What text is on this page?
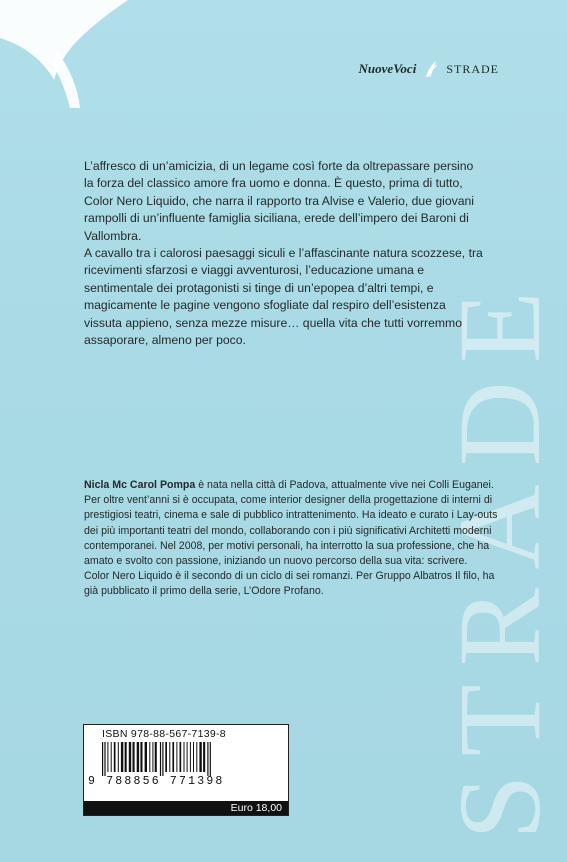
STRADE
NuoveVoci	STRADE

L’affresco di un’amicizia, di un legame così forte da oltrepassare persino la forza del classico amore fra uomo e donna. È questo, prima di tutto, Color Nero Liquido, che narra il rapporto tra Alvise e Valerio, due giovani rampolli di un’influente famiglia siciliana, erede dell’impero dei Baroni di Vallombra.

A cavallo tra i calorosi paesaggi siculi e l’affascinante natura scozzese, tra ricevimenti sfarzosi e viaggi avventurosi, l’educazione umana e sentimentale dei protagonisti si tinge di un’epopea d’altri tempi, e magicamente le pagine vengono sfogliate dal respiro dell’esistenza vissuta appieno, senza mezze misure… quella vita che tutti vorremmo assaporare, almeno per poco.

Nicla Mc Carol Pompa è nata nella città di Padova, attualmente vive nei Colli Euganei. Per oltre vent’anni si è occupata, come interior designer della progettazione di interni di prestigiosi teatri, cinema e sale di pubblico intrattenimento. Ha ideato e curato i Lay-outs dei più importanti teatri del mondo, collaborando con i più significativi Architetti moderni contemporanei. Nel 2008, per motivi personali, ha interrotto la sua professione, che ha amato e svolto con passione, iniziando un nuovo percorso della sua vita: scrivere.

Color Nero Liquido è il secondo di un ciclo di sei romanzi. Per Gruppo Albatros Il filo, ha già pubblicato il primo della serie, L’Odore Profano.

ISBN 978-88-567-7139-8
9 788856 771398
Euro 18,00
